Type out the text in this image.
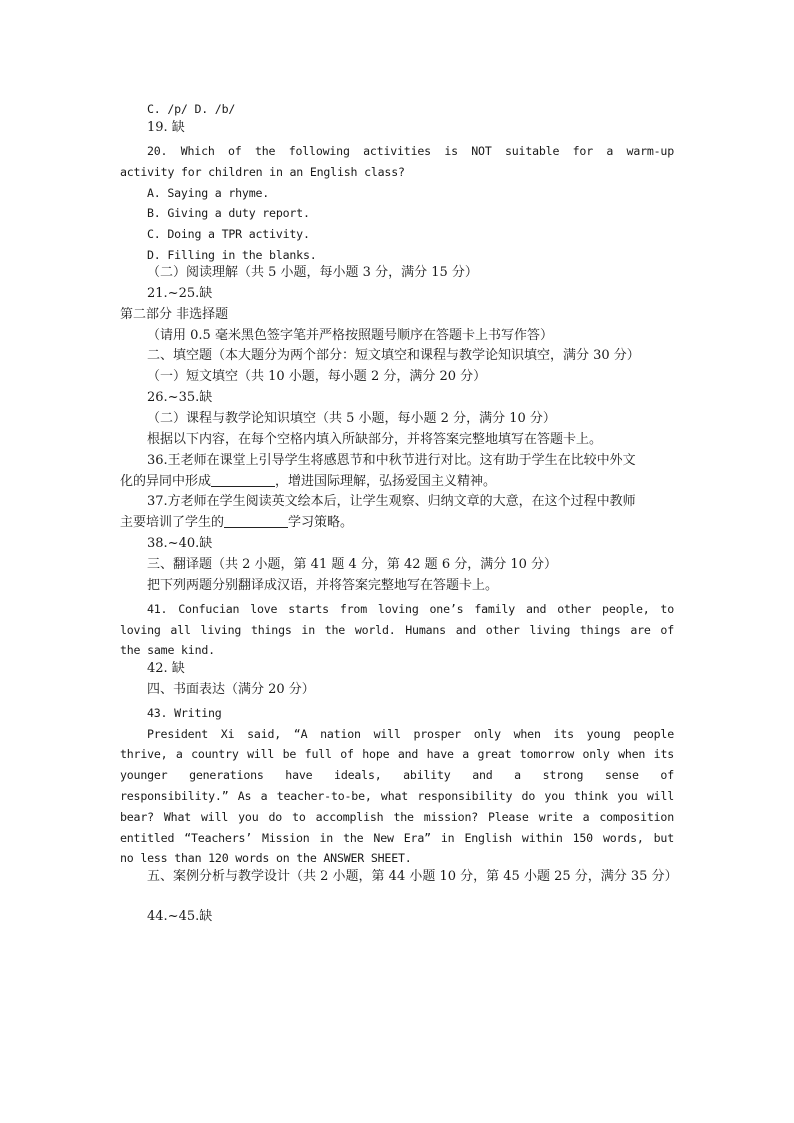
C. /p/ D. /b/
19. 缺
20. Which of the following activities is NOT suitable for a warm-up
activity for children in an English class?
A. Saying a rhyme.
B. Giving a duty report.
C. Doing a TPR activity.
D. Filling in the blanks.
（二）阅读理解（共 5 小题，每小题 3 分，满分 15 分）
21.~25.缺
第二部分 非选择题
（请用 0.5 毫米黑色签字笔并严格按照题号顺序在答题卡上书写作答）
二、填空题（本大题分为两个部分：短文填空和课程与教学论知识填空，满分 30 分）
（一）短文填空（共 10 小题，每小题 2 分，满分 20 分）
26.~35.缺
（二）课程与教学论知识填空（共 5 小题，每小题 2 分，满分 10 分）
根据以下内容，在每个空格内填入所缺部分，并将答案完整地填写在答题卡上。
36.王老师在课堂上引导学生将感恩节和中秋节进行对比。这有助于学生在比较中外文
化的异同中形成	，增进国际理解，弘扬爱国主义精神。
37.方老师在学生阅读英文绘本后，让学生观察、归纳文章的大意，在这个过程中教师
主要培训了学生的	学习策略。
38.~40.缺
三、翻译题（共 2 小题，第 41 题 4 分，第 42 题 6 分，满分 10 分）
把下列两题分别翻译成汉语，并将答案完整地写在答题卡上。
41. Confucian love starts from loving one’s family and other people, to
loving all living things in the world. Humans and other living things are of
the same kind.
42. 缺
四、书面表达（满分 20 分）
43. Writing
President Xi said, “A nation will prosper only when its young people
thrive, a country will be full of hope and have a great tomorrow only when its
younger generations have ideals, ability and a strong sense of
responsibility.” As a teacher-to-be, what responsibility do you think you will
bear? What will you do to accomplish the mission? Please write a composition
entitled “Teachers’ Mission in the New Era” in English within 150 words, but
no less than 120 words on the ANSWER SHEET.
五、案例分析与教学设计（共 2 小题，第 44 小题 10 分，第 45 小题 25 分，满分 35 分）
44.~45.缺
